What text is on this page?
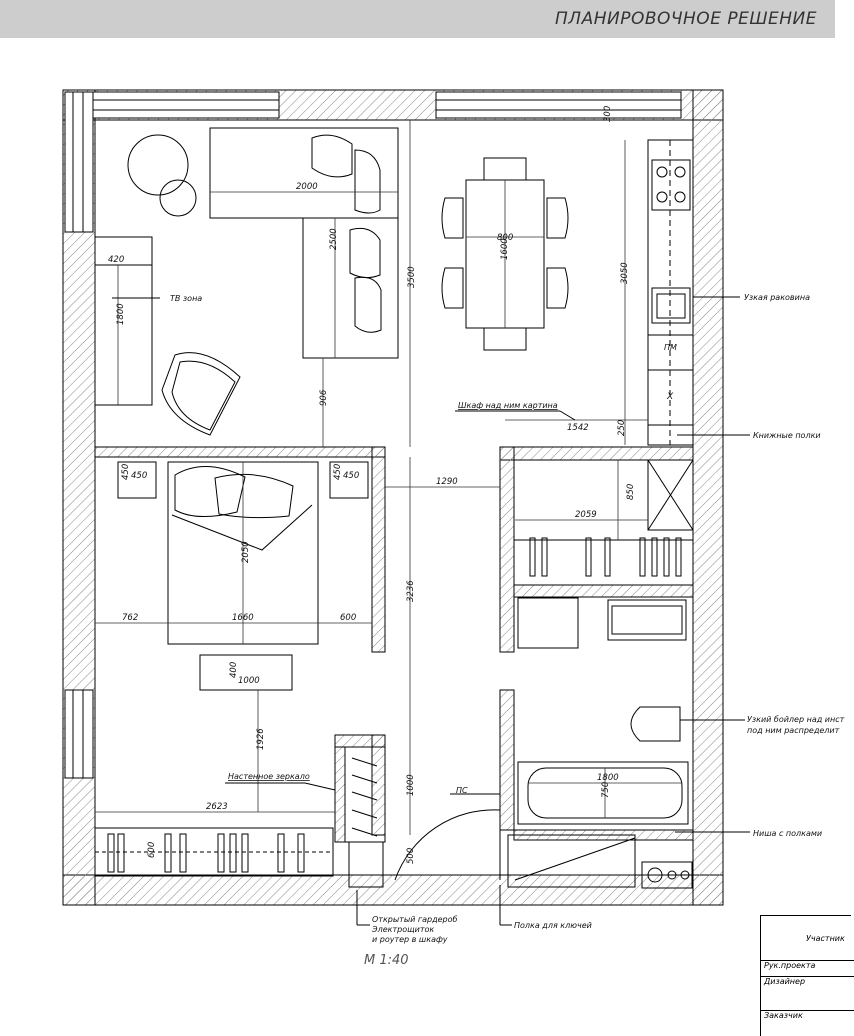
ПЛАНИРОВОЧНОЕ РЕШЕНИЕ
300
2000
2500
3500
800
1600
3050
420
1800
906
1542	250
1290
450
450	450
450
850
2059
2050
762	1660	600
3236
400
1000
1926
1000
2623
600	500
1800
750
ТВ зона	Узкая раковина
ПМ
Х
Шкаф над ним картина
Книжные полки
Узкий бойлер над инст
под ним распределит
Настенное зеркало
ПС
Ниша с полками
Открытый гардероб
Электрощиток
и роутер в шкафу
Полка для ключей
М 1:40
Участник
Рук.проекта
Дизайнер
Заказчик
